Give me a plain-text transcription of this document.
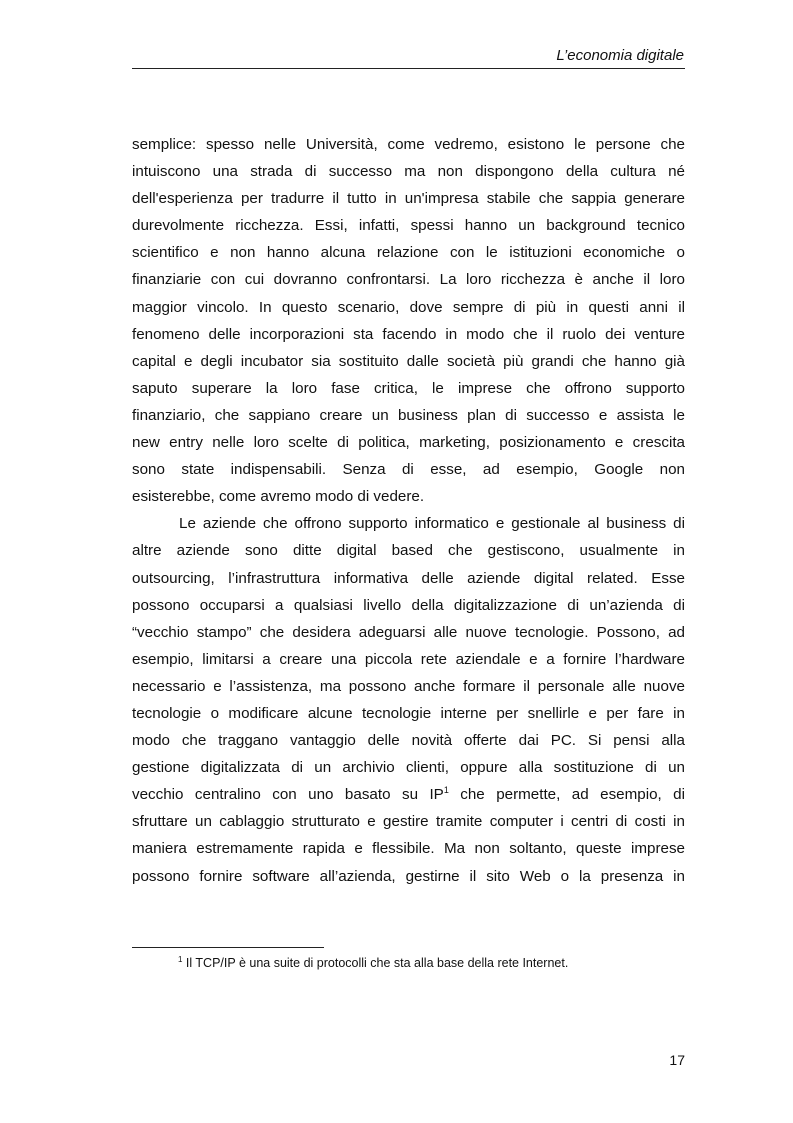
L’economia digitale

semplice: spesso nelle Università, come vedremo, esistono le persone che
intuiscono una strada di successo ma non dispongono della cultura né
dell'esperienza per tradurre il tutto in un'impresa stabile che sappia generare
durevolmente ricchezza. Essi, infatti, spessi hanno un background tecnico
scientifico e non hanno alcuna relazione con le istituzioni economiche o
finanziarie con cui dovranno confrontarsi. La loro ricchezza è anche il loro
maggior vincolo. In questo scenario, dove sempre di più in questi anni il
fenomeno delle incorporazioni sta facendo in modo che il ruolo dei venture
capital e degli incubator sia sostituito dalle società più grandi che hanno già
saputo superare la loro fase critica, le imprese che offrono supporto
finanziario, che sappiano creare un business plan di successo e assista le
new entry nelle loro scelte di politica, marketing, posizionamento e crescita
sono state indispensabili. Senza di esse, ad esempio, Google non
esisterebbe, come avremo modo di vedere.

Le aziende che offrono supporto informatico e gestionale al business di
altre aziende sono ditte digital based che gestiscono, usualmente in
outsourcing, l’infrastruttura informativa delle aziende digital related. Esse
possono occuparsi a qualsiasi livello della digitalizzazione di un’azienda di
“vecchio stampo” che desidera adeguarsi alle nuove tecnologie. Possono, ad
esempio, limitarsi a creare una piccola rete aziendale e a fornire l’hardware
necessario e l’assistenza, ma possono anche formare il personale alle nuove
tecnologie o modificare alcune tecnologie interne per snellirle e per fare in
modo che traggano vantaggio delle novità offerte dai PC. Si pensi alla
gestione digitalizzata di un archivio clienti, oppure alla sostituzione di un
vecchio centralino con uno basato su IP$^1$ che permette, ad esempio, di
sfruttare un cablaggio strutturato e gestire tramite computer i centri di costi in
maniera estremamente rapida e flessibile. Ma non soltanto, queste imprese
possono fornire software all’azienda, gestirne il sito Web o la presenza in

$^1$ Il TCP/IP è una suite di protocolli che sta alla base della rete Internet.
17
